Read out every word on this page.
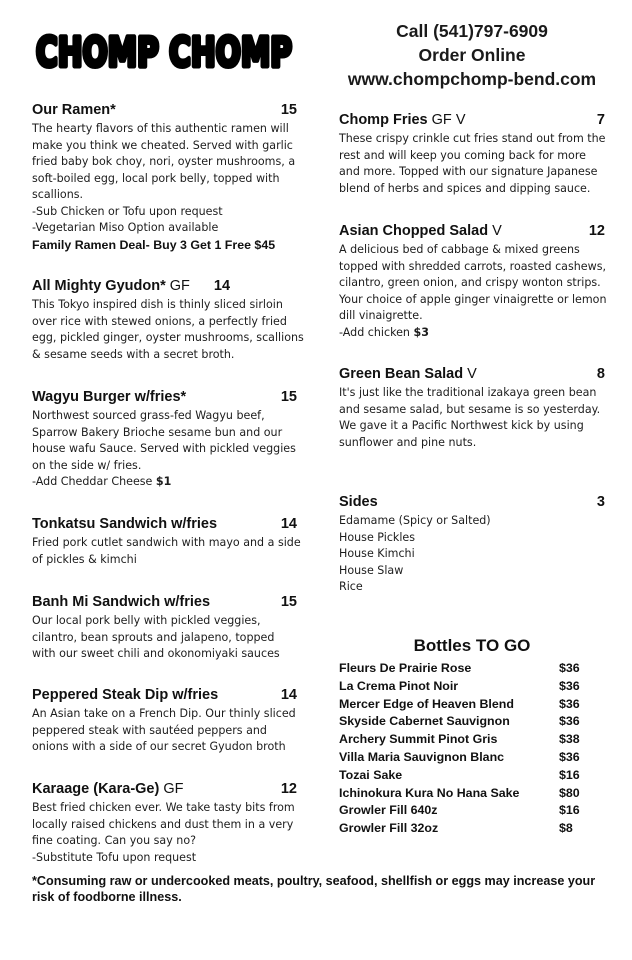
CHOMP CHOMP	Call (541)797-6909
Order Online
www.chompchomp-bend.com
Our Ramen*	15
The hearty flavors of this authentic ramen will
make you think we cheated. Served with garlic
fried baby bok choy, nori, oyster mushrooms, a
soft-boiled egg, local pork belly, topped with
scallions.
-Sub Chicken or Tofu upon request
-Vegetarian Miso Option available
Family Ramen Deal- Buy 3 Get 1 Free $45
All Mighty Gyudon* GF 14
This Tokyo inspired dish is thinly sliced sirloin
over rice with stewed onions, a perfectly fried
egg, pickled ginger, oyster mushrooms, scallions
& sesame seeds with a secret broth.
Wagyu Burger w/fries*	15
Northwest sourced grass-fed Wagyu beef,
Sparrow Bakery Brioche sesame bun and our
house wafu Sauce. Served with pickled veggies
on the side w/ fries.
-Add Cheddar Cheese $1
Tonkatsu Sandwich w/fries	14
Fried pork cutlet sandwich with mayo and a side
of pickles & kimchi
Banh Mi Sandwich w/fries	15
Our local pork belly with pickled veggies,
cilantro, bean sprouts and jalapeno, topped
with our sweet chili and okonomiyaki sauces
Peppered Steak Dip w/fries	14
An Asian take on a French Dip. Our thinly sliced
peppered steak with sautéed peppers and
onions with a side of our secret Gyudon broth
Karaage (Kara-Ge) GF	12
Best fried chicken ever. We take tasty bits from
locally raised chickens and dust them in a very
fine coating. Can you say no?
-Substitute Tofu upon request
Chomp Fries GF V	7
These crispy crinkle cut fries stand out from the
rest and will keep you coming back for more
and more. Topped with our signature Japanese
blend of herbs and spices and dipping sauce.
Asian Chopped Salad V	12
A delicious bed of cabbage & mixed greens
topped with shredded carrots, roasted cashews,
cilantro, green onion, and crispy wonton strips.
Your choice of apple ginger vinaigrette or lemon
dill vinaigrette.
-Add chicken $3
Green Bean Salad V	8
It's just like the traditional izakaya green bean
and sesame salad, but sesame is so yesterday.
We gave it a Pacific Northwest kick by using
sunflower and pine nuts.
Sides	3
Edamame (Spicy or Salted)
House Pickles
House Kimchi
House Slaw
Rice
Bottles TO GO
Fleurs De Prairie Rose	$36
La Crema Pinot Noir	$36
Mercer Edge of Heaven Blend	$36
Skyside Cabernet Sauvignon	$36
Archery Summit Pinot Gris	$38
Villa Maria Sauvignon Blanc	$36
Tozai Sake	$16
Ichinokura Kura No Hana Sake	$80
Growler Fill 640z	$16
Growler Fill 32oz	$8
*Consuming raw or undercooked meats, poultry, seafood, shellfish or eggs may increase your risk of foodborne illness.
